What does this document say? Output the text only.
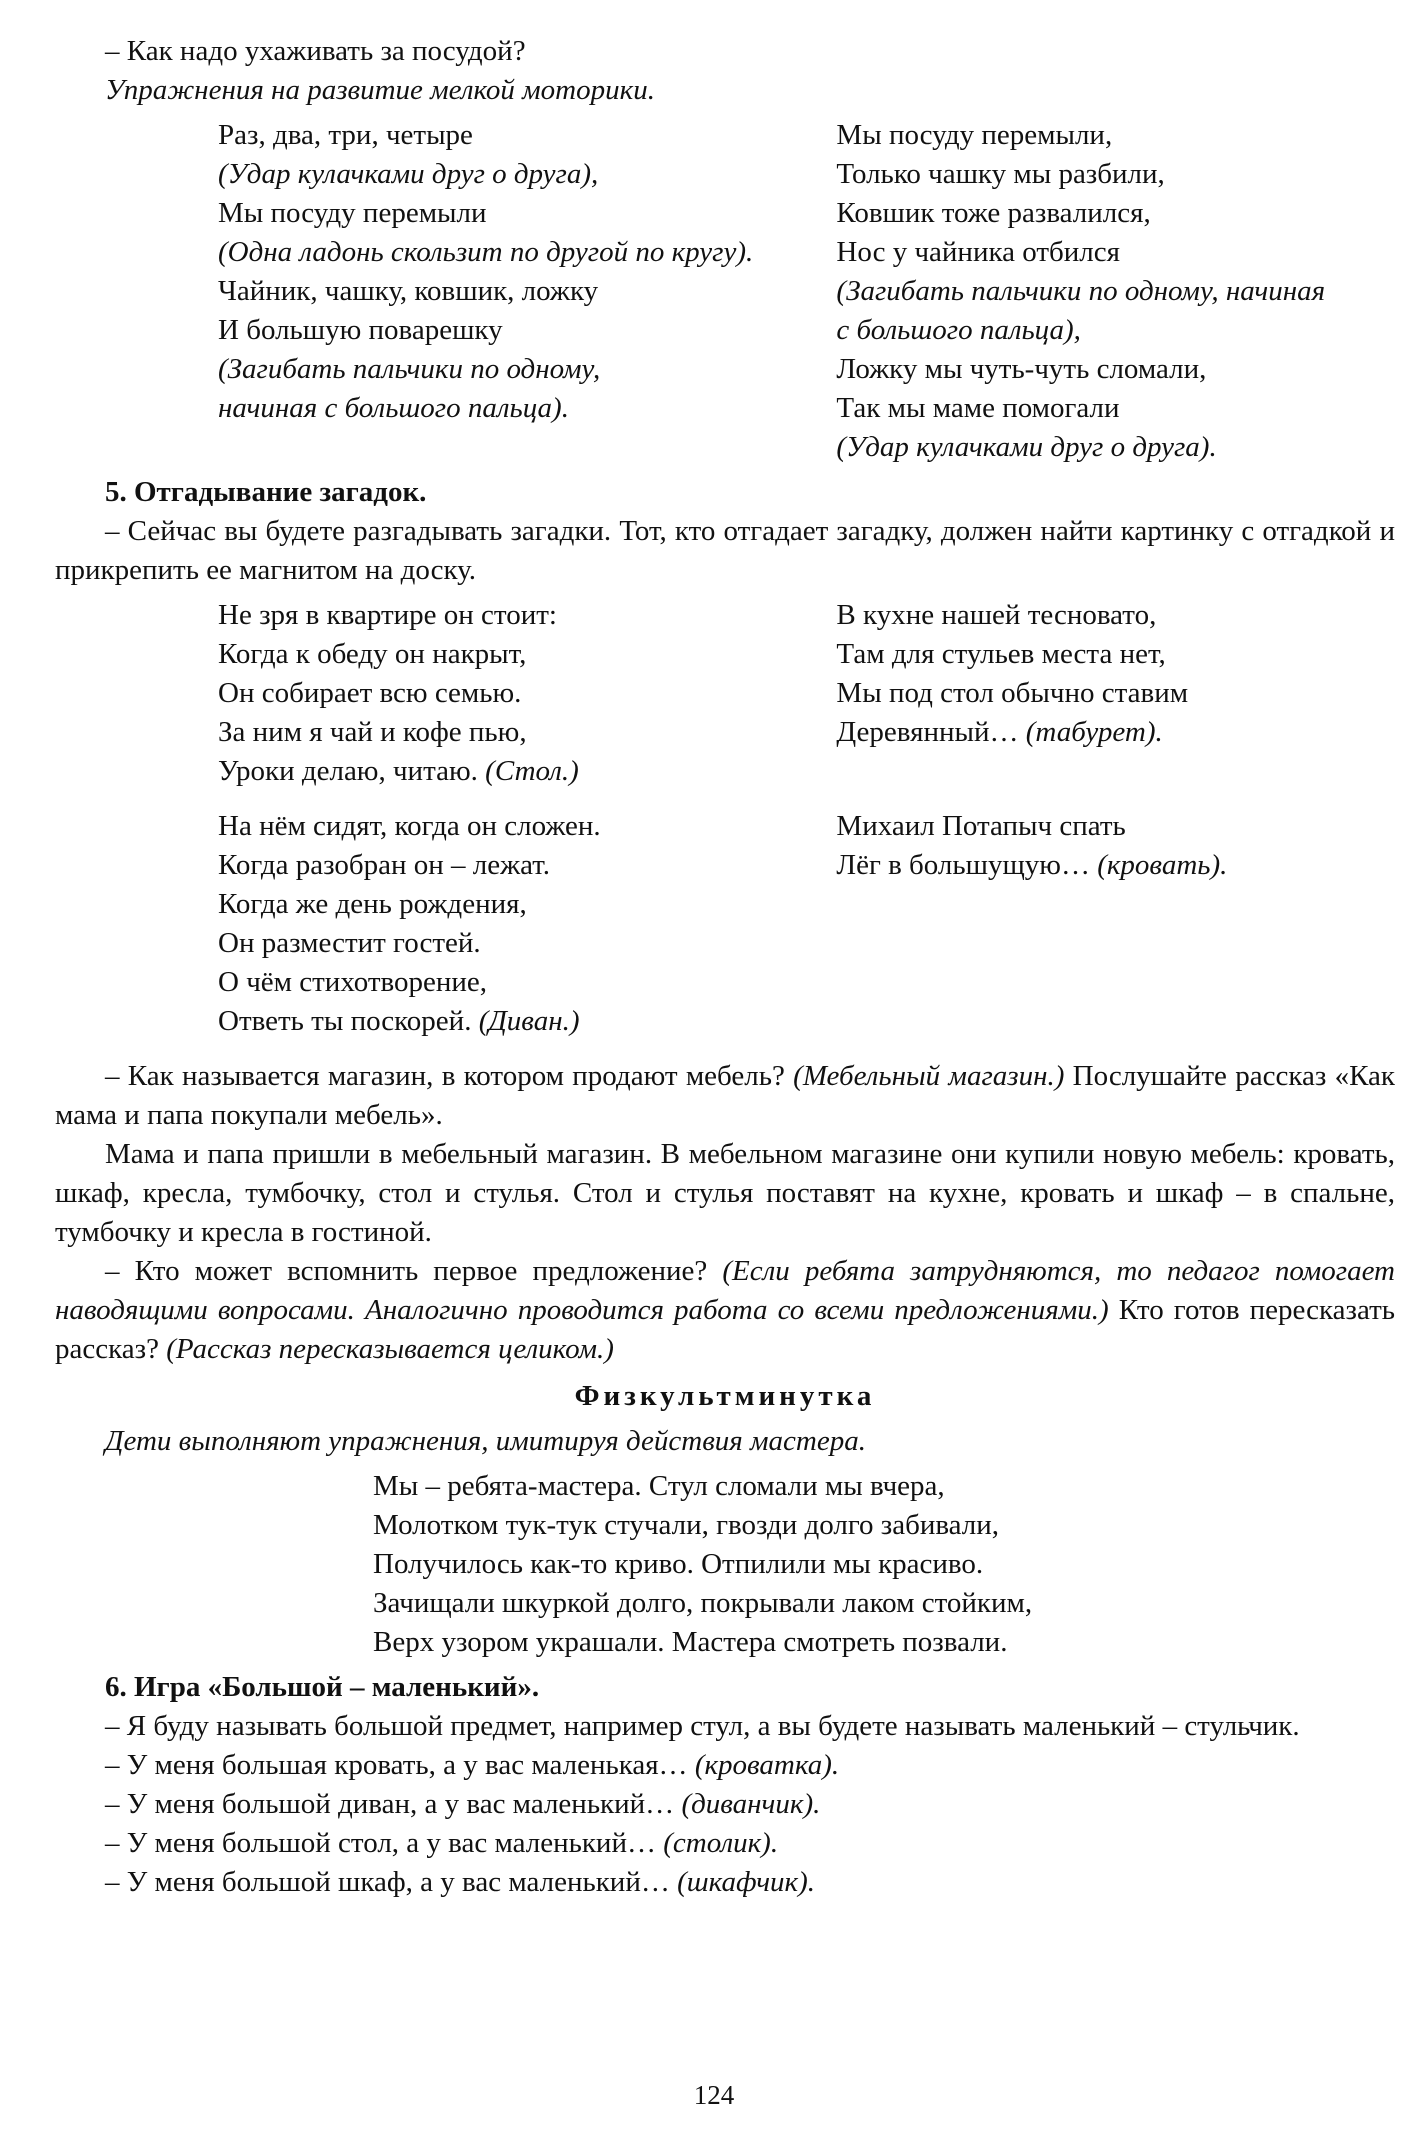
– Как надо ухаживать за посудой?

Упражнения на развитие мелкой моторики.

Раз, два, три, четыре

(Удар кулачками друг о друга),

Мы посуду перемыли

(Одна ладонь скользит по другой по кругу).

Чайник, чашку, ковшик, ложку

И большую поварешку

(Загибать пальчики по одному,

начиная с большого пальца).

Мы посуду перемыли,

Только чашку мы разбили,

Ковшик тоже развалился,

Нос у чайника отбился

(Загибать пальчики по одному, начиная

с большого пальца),

Ложку мы чуть-чуть сломали,

Так мы маме помогали

(Удар кулачками друг о друга).

5. Отгадывание загадок.

– Сейчас вы будете разгадывать загадки. Тот, кто отгадает загадку, должен найти картинку с отгадкой и прикрепить ее магнитом на доску.

Не зря в квартире он стоит:

Когда к обеду он накрыт,

Он собирает всю семью.

За ним я чай и кофе пью,

Уроки делаю, читаю. (Стол.)

В кухне нашей тесновато,

Там для стульев места нет,

Мы под стол обычно ставим

Деревянный… (табурет).

На нём сидят, когда он сложен.

Когда разобран он – лежат.

Когда же день рождения,

Он разместит гостей.

О чём стихотворение,

Ответь ты поскорей. (Диван.)

Михаил Потапыч спать

Лёг в большущую… (кровать).

– Как называется магазин, в котором продают мебель? (Мебельный магазин.) Послушайте рассказ «Как мама и папа покупали мебель».

Мама и папа пришли в мебельный магазин. В мебельном магазине они купили новую мебель: кровать, шкаф, кресла, тумбочку, стол и стулья. Стол и стулья поставят на кухне, кровать и шкаф – в спальне, тумбочку и кресла в гостиной.

– Кто может вспомнить первое предложение? (Если ребята затрудняются, то педагог помогает наводящими вопросами. Аналогично проводится работа со всеми предложениями.) Кто готов пересказать рассказ? (Рассказ пересказывается целиком.)

Физкультминутка

Дети выполняют упражнения, имитируя действия мастера.

Мы – ребята-мастера. Стул сломали мы вчера,

Молотком тук-тук стучали, гвозди долго забивали,

Получилось как-то криво. Отпилили мы красиво.

Зачищали шкуркой долго, покрывали лаком стойким,

Верх узором украшали. Мастера смотреть позвали.

6. Игра «Большой – маленький».

– Я буду называть большой предмет, например стул, а вы будете называть маленький – стульчик.

– У меня большая кровать, а у вас маленькая… (кроватка).

– У меня большой диван, а у вас маленький… (диванчик).

– У меня большой стол, а у вас маленький… (столик).

– У меня большой шкаф, а у вас маленький… (шкафчик).

124
